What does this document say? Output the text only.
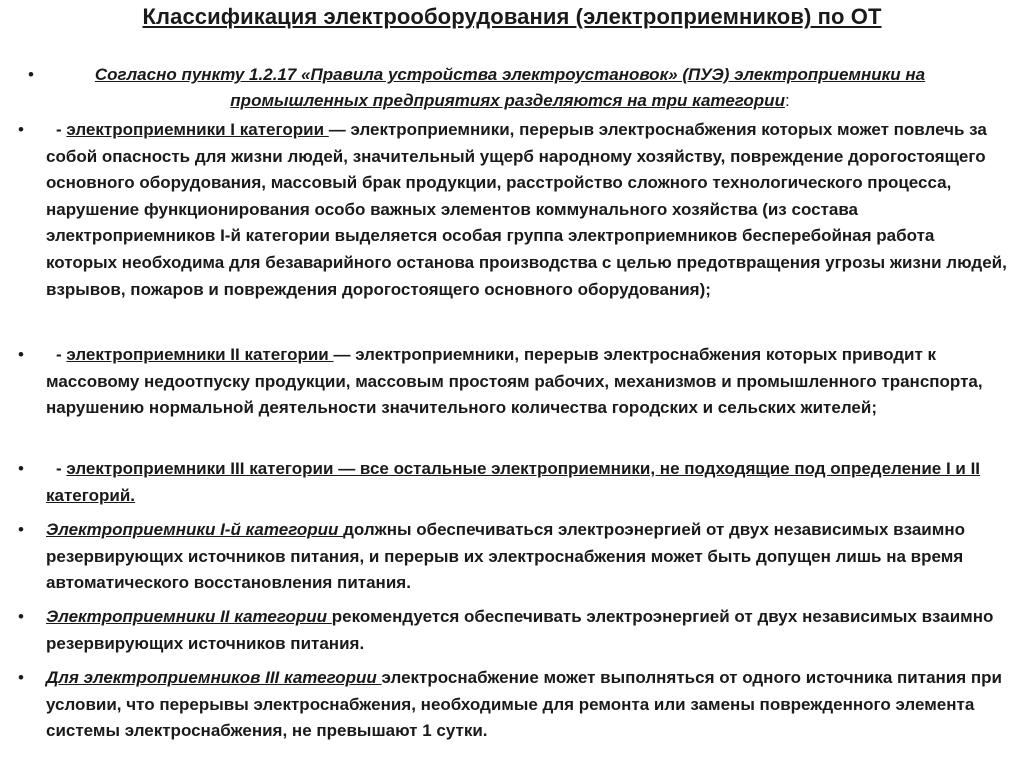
Классификация электрооборудования (электроприемников) по ОТ
•	Согласно пункту 1.2.17 «Правила устройства электроустановок» (ПУЭ) электроприемники на промышленных предприятиях разделяются на три категории:
•	- электроприемники I категории — электроприемники, перерыв электроснабжения которых может повлечь за собой опасность для жизни людей, значительный ущерб народному хозяйству, повреждение дорогостоящего основного оборудования, массовый брак продукции, расстройство сложного технологического процесса, нарушение функционирования особо важных элементов коммунального хозяйства (из состава электроприемников I-й категории выделяется особая группа электроприемников бесперебойная работа которых необходима для безаварийного останова производства с целью предотвращения угрозы жизни людей, взрывов, пожаров и повреждения дорогостоящего основного оборудования);
•	- электроприемники II категории — электроприемники, перерыв электроснабжения которых приводит к массовому недоотпуску продукции, массовым простоям рабочих, механизмов и промышленного транспорта, нарушению нормальной деятельности значительного количества городских и сельских жителей;
•	- электроприемники III категории — все остальные электроприемники, не подходящие под определение I и II категорий.
• Электроприемники I-й категории должны обеспечиваться электроэнергией от двух независимых взаимно резервирующих источников питания, и перерыв их электроснабжения может быть допущен лишь на время автоматического восстановления питания.
• Электроприемники II категории рекомендуется обеспечивать электроэнергией от двух независимых взаимно резервирующих источников питания.
• Для электроприемников III категории электроснабжение может выполняться от одного источника питания при условии, что перерывы электроснабжения, необходимые для ремонта или замены поврежденного элемента системы электроснабжения, не превышают 1 сутки.
